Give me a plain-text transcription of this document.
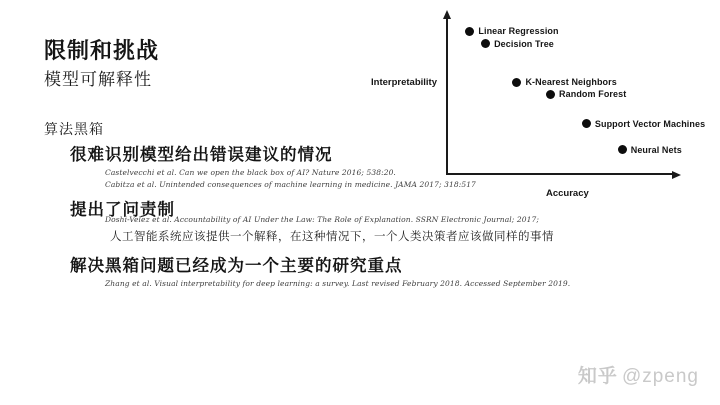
限制和挑战
模型可解释性
算法黑箱
很难识别模型给出错误建议的情况
Castelvecchi et al. Can we open the black box of AI? Nature 2016; 538:20.
Cabitza et al. Unintended consequences of machine learning in medicine. JAMA 2017; 318:517
提出了问责制
Doshi-Velez et al. Accountability of AI Under the Law: The Role of Explanation. SSRN Electronic Journal; 2017;
人工智能系统应该提供一个解释，在这种情况下，一个人类决策者应该做同样的事情
解决黑箱问题已经成为一个主要的研究重点
Zhang et al. Visual interpretability for deep learning: a survey. Last revised February 2018. Accessed September 2019.
Interpretability
Accuracy
Linear Regression
Decision Tree
K-Nearest Neighbors
Random Forest
Support Vector Machines
Neural Nets
知乎 @zpeng
